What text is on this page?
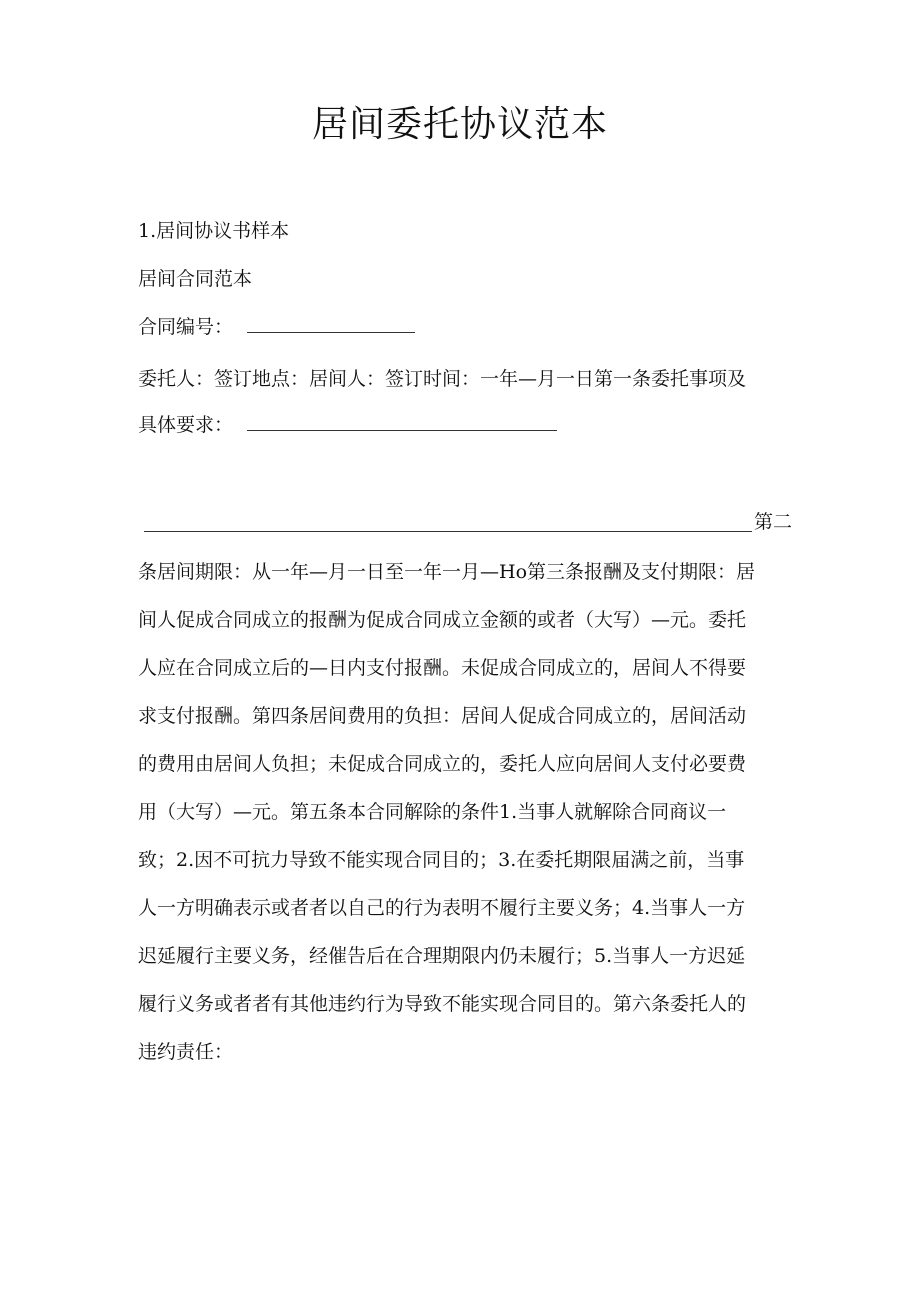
居间委托协议范本
1.居间协议书样本
居间合同范本
合同编号：
委托人：签订地点：居间人：签订时间：一年—月一日第一条委托事项及
具体要求：
第二
条居间期限：从一年—月一日至一年一月—Ho第三条报酬及支付期限：居
间人促成合同成立的报酬为促成合同成立金额的或者（大写）—元。委托
人应在合同成立后的—日内支付报酬。未促成合同成立的，居间人不得要
求支付报酬。第四条居间费用的负担：居间人促成合同成立的，居间活动
的费用由居间人负担；未促成合同成立的，委托人应向居间人支付必要费
用（大写）—元。第五条本合同解除的条件1.当事人就解除合同商议一
致；2.因不可抗力导致不能实现合同目的；3.在委托期限届满之前，当事
人一方明确表示或者者以自己的行为表明不履行主要义务；4.当事人一方
迟延履行主要义务，经催告后在合理期限内仍未履行；5.当事人一方迟延
履行义务或者者有其他违约行为导致不能实现合同目的。第六条委托人的
违约责任：
